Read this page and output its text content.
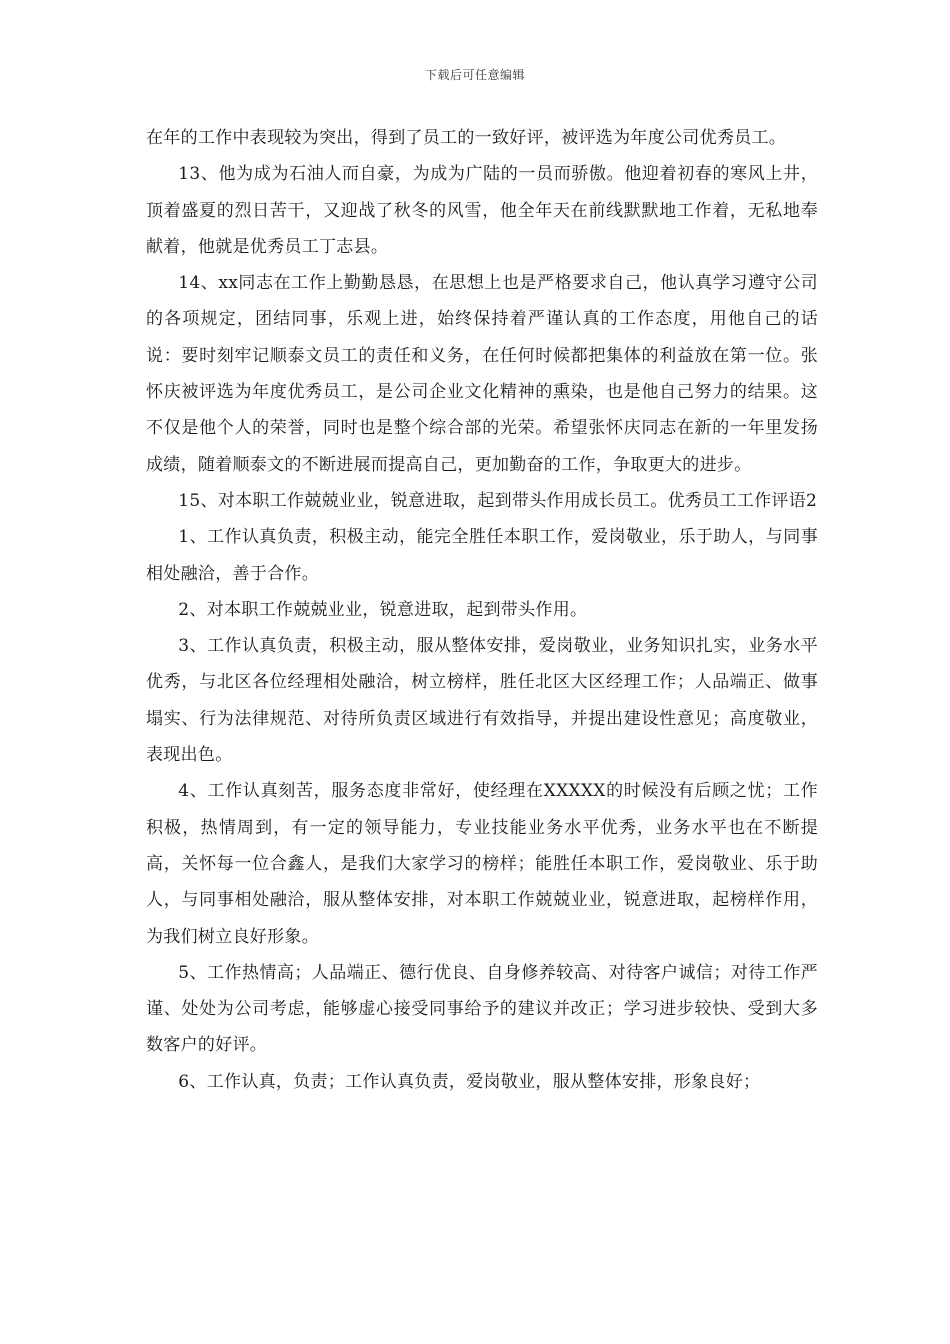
下载后可任意编辑

在年的工作中表现较为突出，得到了员工的一致好评，被评选为年度公司优秀员工。

13、他为成为石油人而自豪，为成为广陆的一员而骄傲。他迎着初春的寒风上井，顶着盛夏的烈日苦干，又迎战了秋冬的风雪，他全年天在前线默默地工作着，无私地奉献着，他就是优秀员工丁志县。

14、xx同志在工作上勤勤恳恳，在思想上也是严格要求自己，他认真学习遵守公司的各项规定，团结同事，乐观上进，始终保持着严谨认真的工作态度，用他自己的话说：要时刻牢记顺泰文员工的责任和义务，在任何时候都把集体的利益放在第一位。张怀庆被评选为年度优秀员工，是公司企业文化精神的熏染，也是他自己努力的结果。这不仅是他个人的荣誉，同时也是整个综合部的光荣。希望张怀庆同志在新的一年里发扬成绩，随着顺泰文的不断进展而提高自己，更加勤奋的工作，争取更大的进步。

15、对本职工作兢兢业业，锐意进取，起到带头作用成长员工。优秀员工工作评语2

1、工作认真负责，积极主动，能完全胜任本职工作，爱岗敬业，乐于助人，与同事相处融洽，善于合作。

2、对本职工作兢兢业业，锐意进取，起到带头作用。

3、工作认真负责，积极主动，服从整体安排，爱岗敬业，业务知识扎实，业务水平优秀，与北区各位经理相处融洽，树立榜样，胜任北区大区经理工作；人品端正、做事塌实、行为法律规范、对待所负责区域进行有效指导，并提出建设性意见；高度敬业，表现出色。

4、工作认真刻苦，服务态度非常好，使经理在XXXXX的时候没有后顾之忧；工作积极，热情周到，有一定的领导能力，专业技能业务水平优秀，业务水平也在不断提高，关怀每一位合鑫人，是我们大家学习的榜样；能胜任本职工作，爱岗敬业、乐于助人，与同事相处融洽，服从整体安排，对本职工作兢兢业业，锐意进取，起榜样作用，为我们树立良好形象。

5、工作热情高；人品端正、德行优良、自身修养较高、对待客户诚信；对待工作严谨、处处为公司考虑，能够虚心接受同事给予的建议并改正；学习进步较快、受到大多数客户的好评。

6、工作认真，负责；工作认真负责，爱岗敬业，服从整体安排，形象良好；
